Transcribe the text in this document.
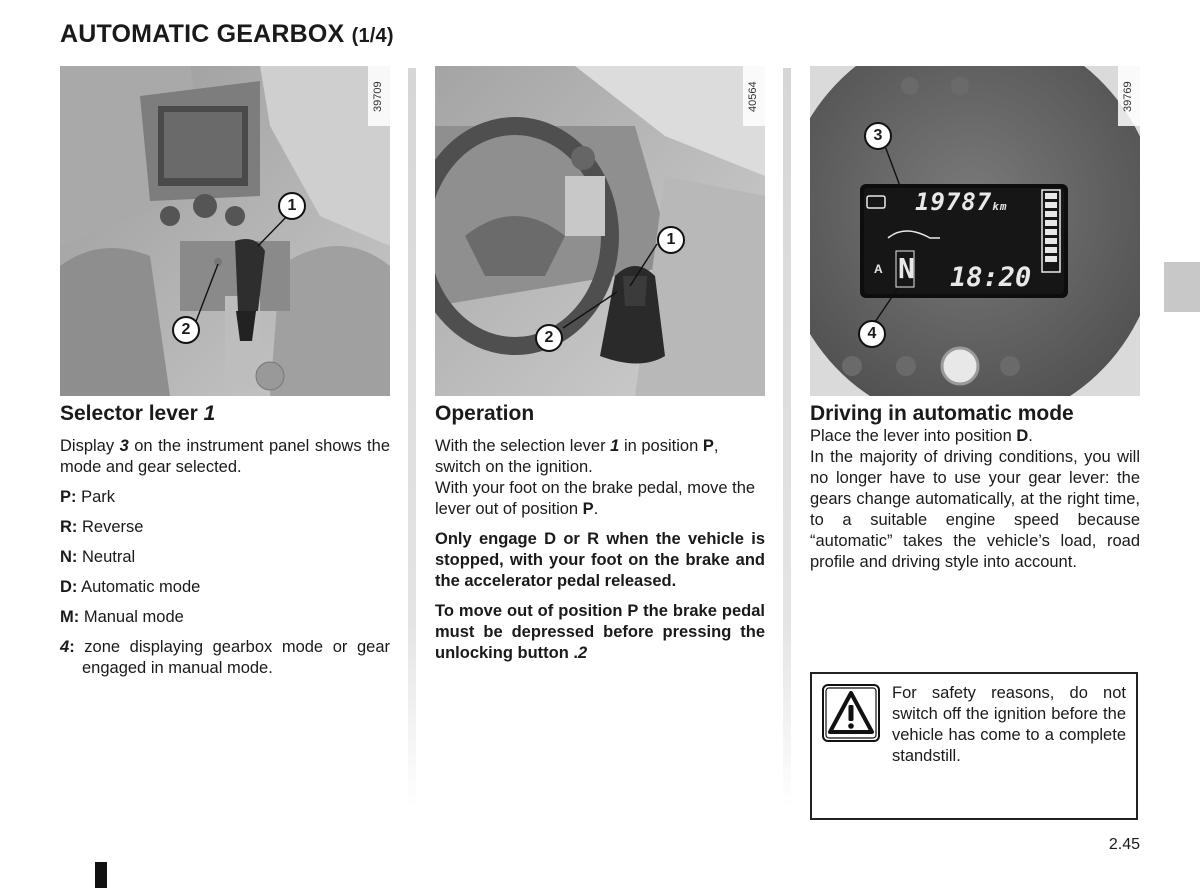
AUTOMATIC GEARBOX (1/4)
39709
1
2
40564
1
2
39769
19787km
A N 18:20
3
4
Selector lever 1

Display 3 on the instrument panel shows the mode and gear selected.

P: Park

R: Reverse

N: Neutral

D: Automatic mode

M: Manual mode

4: zone displaying gearbox mode or gear engaged in manual mode.

Operation

With the selection lever 1 in position P, switch on the ignition.

With your foot on the brake pedal, move the lever out of position P.

Only engage D or R when the vehicle is stopped, with your foot on the brake and the accelerator pedal released.

To move out of position P the brake pedal must be depressed before pressing the unlocking button .2

Driving in automatic mode

Place the lever into position D.

In the majority of driving conditions, you will no longer have to use your gear lever: the gears change automatically, at the right time, to a suitable engine speed because “automatic” takes the vehicle’s load, road profile and driving style into account.

For safety reasons, do not switch off the ignition before the vehicle has come to a complete standstill.
2.45
